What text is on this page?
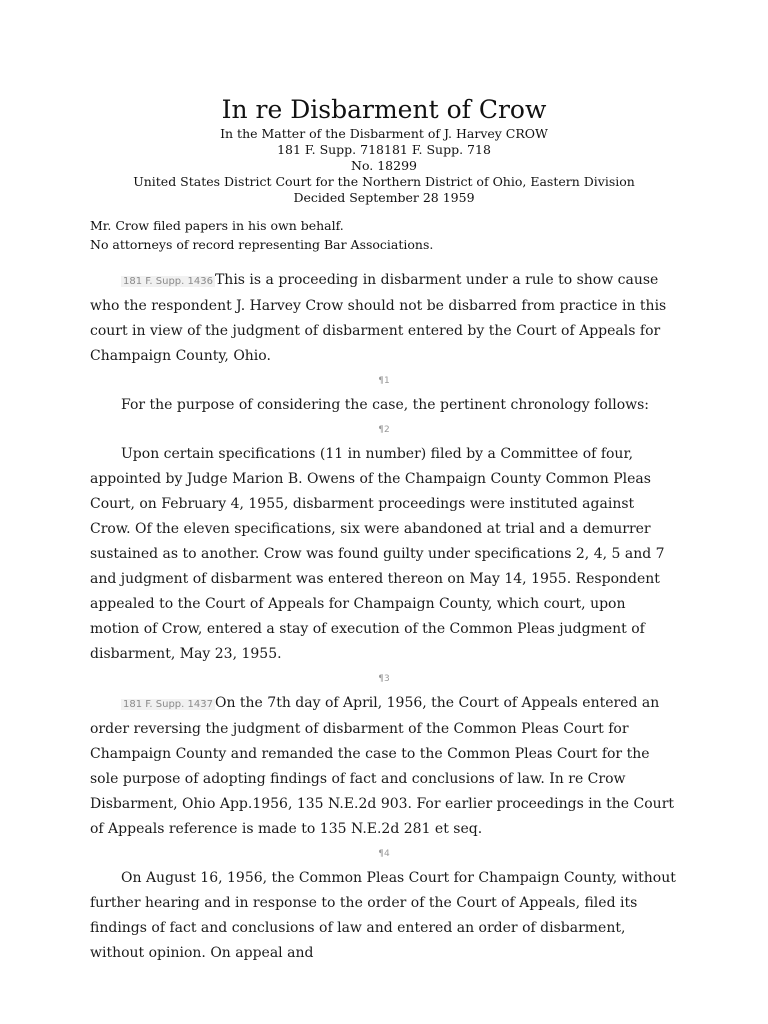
In re Disbarment of Crow

In the Matter of the Disbarment of J. Harvey CROW

181 F. Supp. 718181 F. Supp. 718

No. 18299

United States District Court for the Northern District of Ohio, Eastern Division

Decided September 28 1959

Mr. Crow filed papers in his own behalf.
No attorneys of record representing Bar Associations.

181 F. Supp. 1436 This is a proceeding in disbarment under a rule to show cause who the respondent J. Harvey Crow should not be disbarred from practice in this court in view of the judgment of disbarment entered by the Court of Appeals for Champaign County, Ohio.

¶1

For the purpose of considering the case, the pertinent chronology follows:

¶2

Upon certain specifications (11 in number) filed by a Committee of four, appointed by Judge Marion B. Owens of the Champaign County Common Pleas Court, on February 4, 1955, disbarment proceedings were instituted against Crow. Of the eleven specifications, six were abandoned at trial and a demurrer sustained as to another. Crow was found guilty under specifications 2, 4, 5 and 7 and judgment of disbarment was entered thereon on May 14, 1955. Respondent appealed to the Court of Appeals for Champaign County, which court, upon motion of Crow, entered a stay of execution of the Common Pleas judgment of disbarment, May 23, 1955.

¶3

181 F. Supp. 1437 On the 7th day of April, 1956, the Court of Appeals entered an order reversing the judgment of disbarment of the Common Pleas Court for Champaign County and remanded the case to the Common Pleas Court for the sole purpose of adopting findings of fact and conclusions of law. In re Crow Disbarment, Ohio App.1956, 135 N.E.2d 903. For earlier proceedings in the Court of Appeals reference is made to 135 N.E.2d 281 et seq.

¶4

On August 16, 1956, the Common Pleas Court for Champaign County, without further hearing and in response to the order of the Court of Appeals, filed its findings of fact and conclusions of law and entered an order of disbarment, without opinion. On appeal and
